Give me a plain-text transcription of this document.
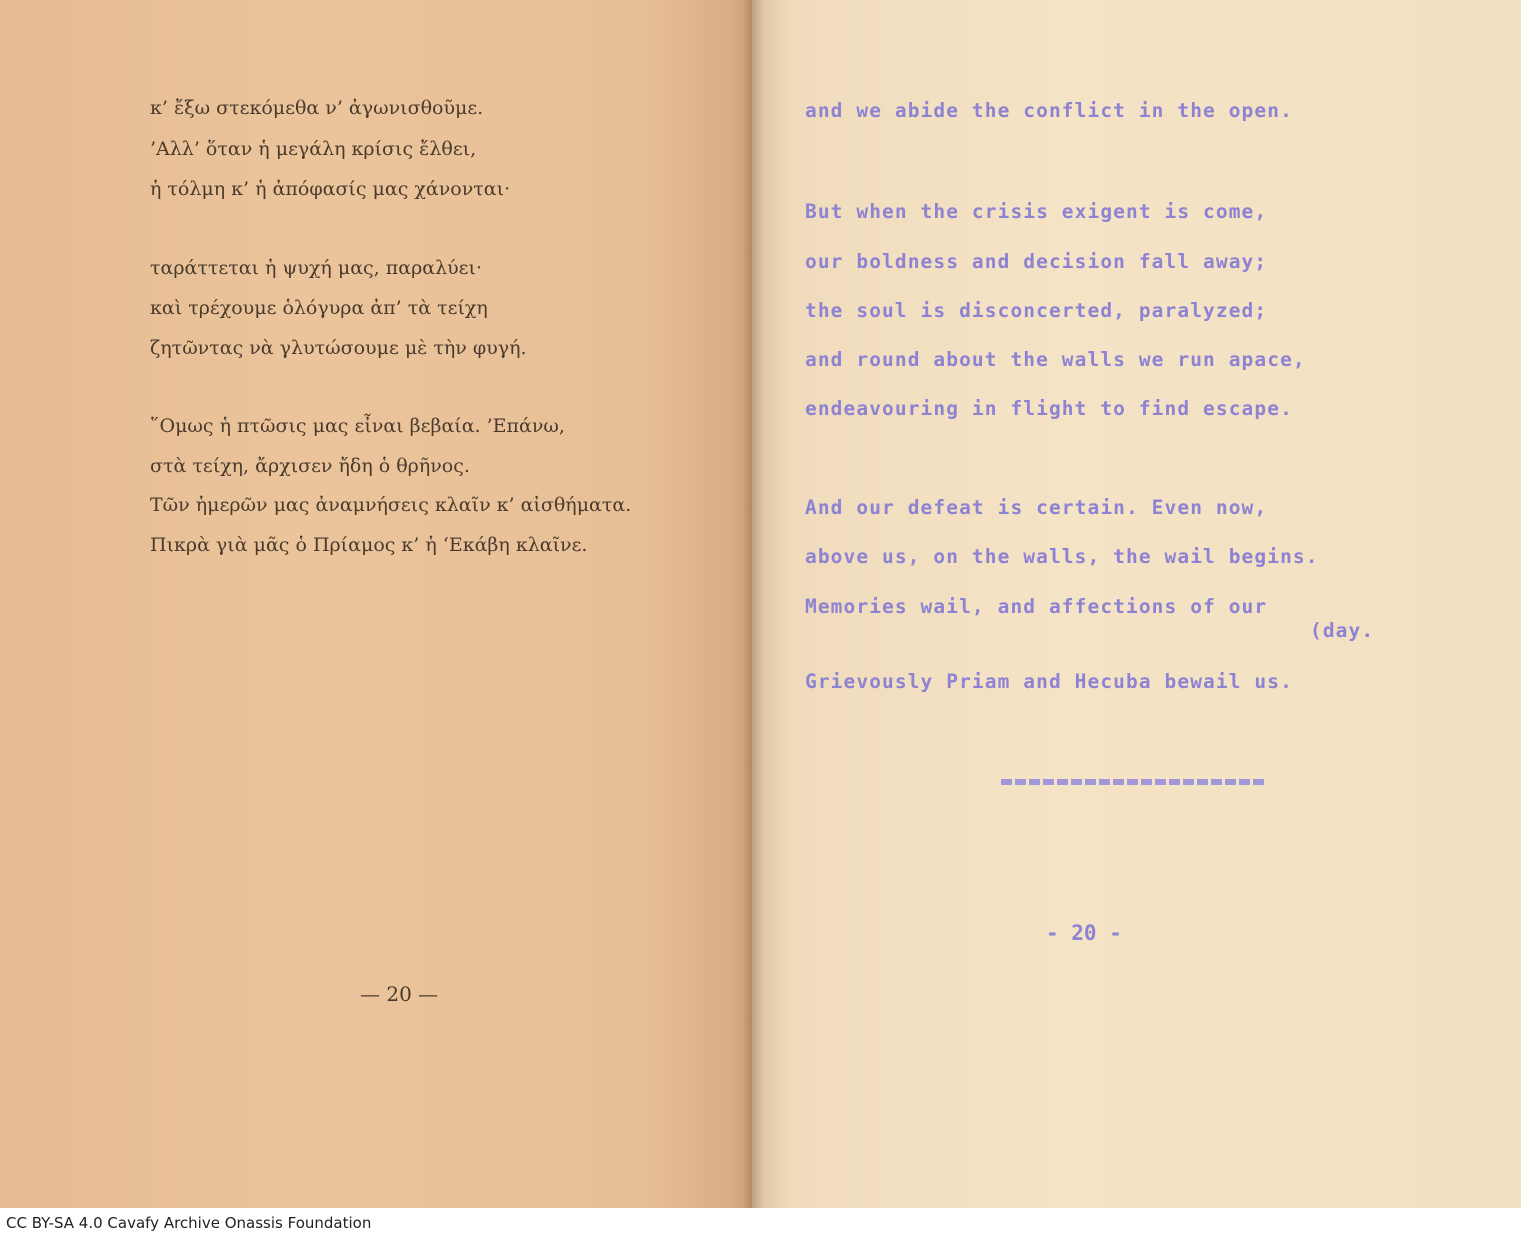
κ’ ἔξω στεκόμεθα ν’ ἀγωνισθοῦμε.

’Αλλ’ ὅταν ἡ μεγάλη κρίσις ἔλθει,

ἡ τόλμη κ’ ἡ ἀπόφασίς μας χάνονται·

ταράττεται ἡ ψυχή μας, παραλύει·

καὶ τρέχουμε ὁλόγυρα ἀπ’ τὰ τείχη

ζητῶντας νὰ γλυτώσουμε μὲ τὴν φυγή.

῞Ομως ἡ πτῶσις μας εἶναι βεβαία. ’Επάνω,

στὰ τείχη, ἄρχισεν ἤδη ὁ θρῆνος.

Τῶν ἡμερῶν μας ἀναμνήσεις κλαῖν κ’ αἰσθήματα.

Πικρὰ γιὰ μᾶς ὁ Πρίαμος κ’ ἡ ‘Εκάβη κλαῖνε.

— 20 —

and we abide the conflict in the open.

But when the crisis exigent is come,

our boldness and decision fall away;

the soul is disconcerted, paralyzed;

and round about the walls we run apace,

endeavouring in flight to find escape.

And our defeat is certain. Even now,

above us, on the walls, the wail begins.

Memories wail, and affections of our

(day.

Grievously Priam and Hecuba bewail us.

- 20 -

CC BY-SA 4.0 Cavafy Archive Onassis Foundation
